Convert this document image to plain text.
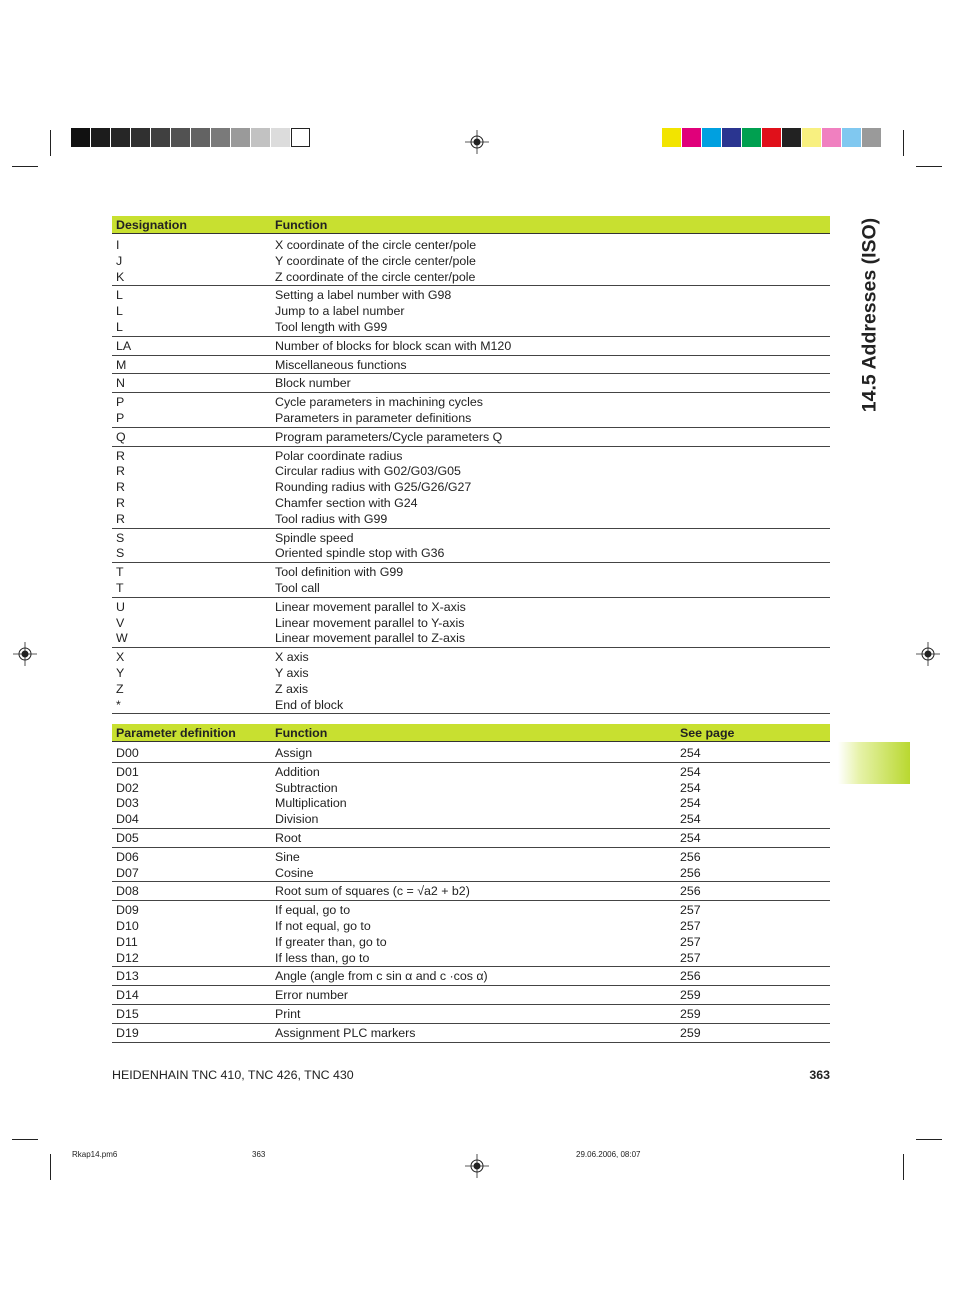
14.5 Addresses (ISO)
Designation	Function

I	X coordinate of the circle center/pole
J	Y coordinate of the circle center/pole
K	Z coordinate of the circle center/pole
L	Setting a label number with G98
L	Jump to a label number
L	Tool length with G99
LA	Number of blocks for block scan with M120
M	Miscellaneous functions
N	Block number
P	Cycle parameters in machining cycles
P	Parameters in parameter definitions
Q	Program parameters/Cycle parameters Q
R	Polar coordinate radius
R	Circular radius with G02/G03/G05
R	Rounding radius with G25/G26/G27
R	Chamfer section with G24
R	Tool radius with G99
S	Spindle speed
S	Oriented spindle stop with G36
T	Tool definition with G99
T	Tool call
U	Linear movement parallel to X-axis
V	Linear movement parallel to Y-axis
W	Linear movement parallel to Z-axis
X	X axis
Y	Y axis
Z	Z axis
*	End of block
Parameter definition	Function	See page

D00	Assign	254
D01	Addition	254
D02	Subtraction	254
D03	Multiplication	254
D04	Division	254
D05	Root	254
D06	Sine	256
D07	Cosine	256
D08	Root sum of squares (c = √a2 + b2)	256
D09	If equal, go to	257
D10	If not equal, go to	257
D11	If greater than, go to	257
D12	If less than, go to	257
D13	Angle (angle from c sin α and c ·cos α)	256
D14	Error number	259
D15	Print	259
D19	Assignment PLC markers	259
HEIDENHAIN TNC 410, TNC 426, TNC 430	363
Rkap14.pm6	363	29.06.2006, 08:07
